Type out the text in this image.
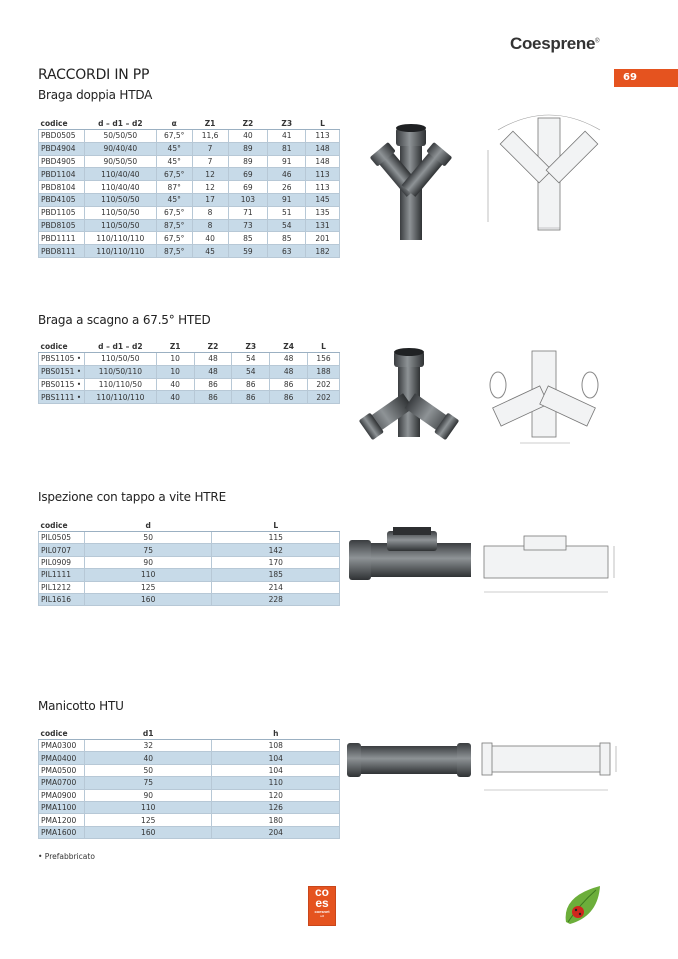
Coesprene®
69
RACCORDI IN PP
Braga doppia HTDA
codice	d – d1 – d2	α	Z1	Z2	Z3	L
PBD0505	50/50/50	67,5°	11,6	40	41	113
PBD4904	90/40/40	45°	7	89	81	148
PBD4905	90/50/50	45°	7	89	91	148
PBD1104	110/40/40	67,5°	12	69	46	113
PBD8104	110/40/40	87°	12	69	26	113
PBD4105	110/50/50	45°	17	103	91	145
PBD1105	110/50/50	67,5°	8	71	51	135
PBD8105	110/50/50	87,5°	8	73	54	131
PBD1111	110/110/110	67,5°	40	85	85	201
PBD8111	110/110/110	87,5°	45	59	63	182
Braga a scagno a 67.5° HTED
codice	d – d1 – d2	Z1	Z2	Z3	Z4	L
PBS1105 •	110/50/50	10	48	54	48	156
PBS0151 •	110/50/110	10	48	54	48	188
PBS0115 •	110/110/50	40	86	86	86	202
PBS1111 •	110/110/110	40	86	86	86	202
Ispezione con tappo a vite HTRE
codice	d	L
PIL0505	50	115
PIL0707	75	142
PIL0909	90	170
PIL1111	110	185
PIL1212	125	214
PIL1616	160	228
Manicotto HTU
codice	d1	h
PMA0300	32	108
PMA0400	40	104
PMA0500	50	104
PMA0700	75	110
PMA0900	90	120
PMA1100	110	126
PMA1200	125	180
PMA1600	160	204
• Prefabbricato
co
es
coesnet
srl
